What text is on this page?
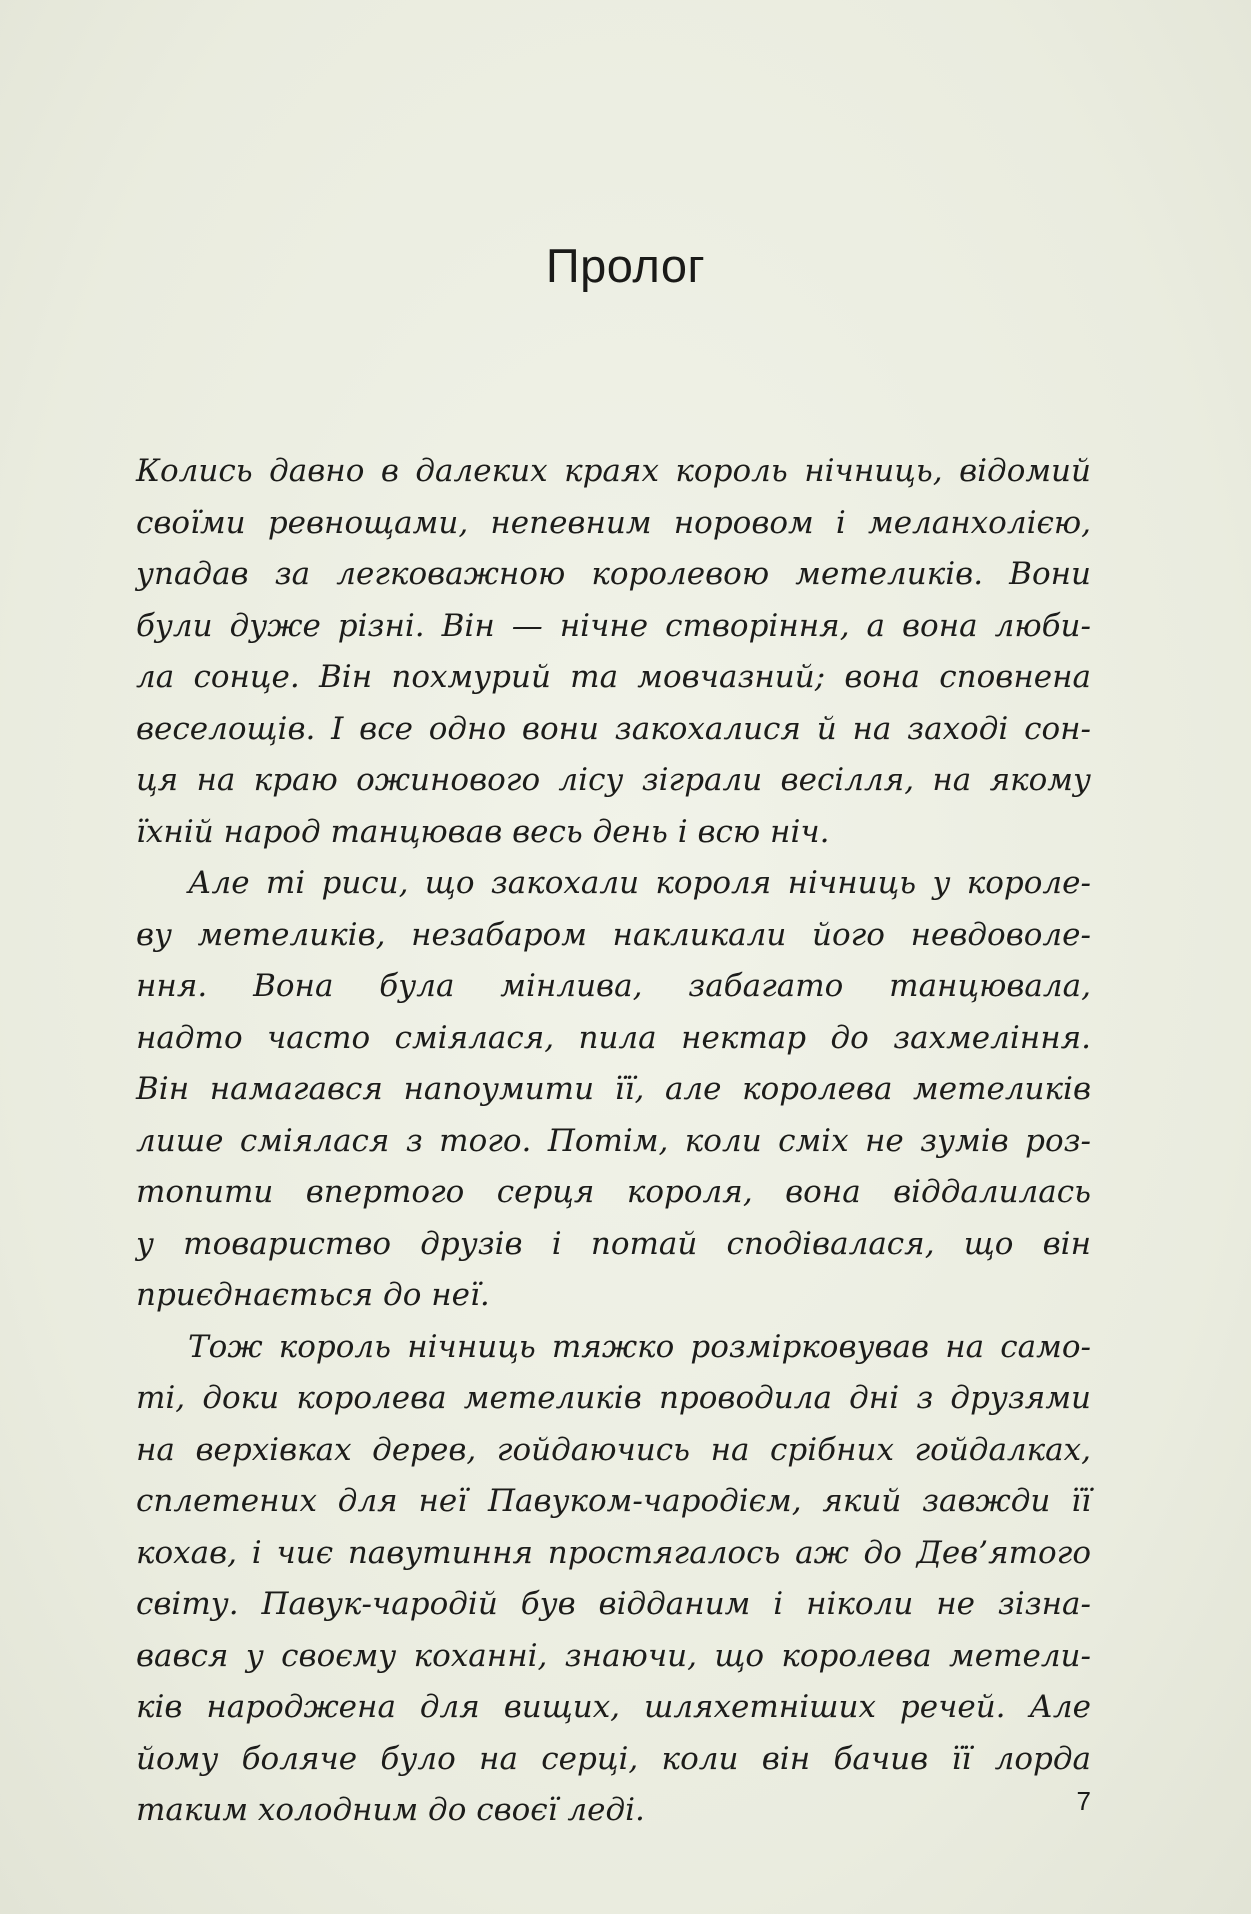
Пролог

Колись давно в далеких краях король нічниць, відомий
своїми ревнощами, непевним норовом і меланхолією,
упадав за легковажною королевою метеликів. Вони
були дуже різні. Він — нічне створіння, а вона люби-
ла сонце. Він похмурий та мовчазний; вона сповнена
веселощів. І все одно вони закохалися й на заході сон-
ця на краю ожинового лісу зіграли весілля, на якому
їхній народ танцював весь день і всю ніч.

Але ті риси, що закохали короля нічниць у короле-
ву метеликів, незабаром накликали його невдоволе-
ння. Вона була мінлива, забагато танцювала,
надто часто сміялася, пила нектар до захмеління.
Він намагався напоумити її, але королева метеликів
лише сміялася з того. Потім, коли сміх не зумів роз-
топити впертого серця короля, вона віддалилась
у товариство друзів і потай сподівалася, що він
приєднається до неї.

Тож король нічниць тяжко розмірковував на само-
ті, доки королева метеликів проводила дні з друзями
на верхівках дерев, гойдаючись на срібних гойдалках,
сплетених для неї Павуком-чародієм, який завжди її
кохав, і чиє павутиння простягалось аж до Дев’ятого
світу. Павук-чародій був відданим і ніколи не зізна-
вався у своєму коханні, знаючи, що королева метели-
ків народжена для вищих, шляхетніших речей. Але
йому боляче було на серці, коли він бачив її лорда
таким холодним до своєї леді.	7
